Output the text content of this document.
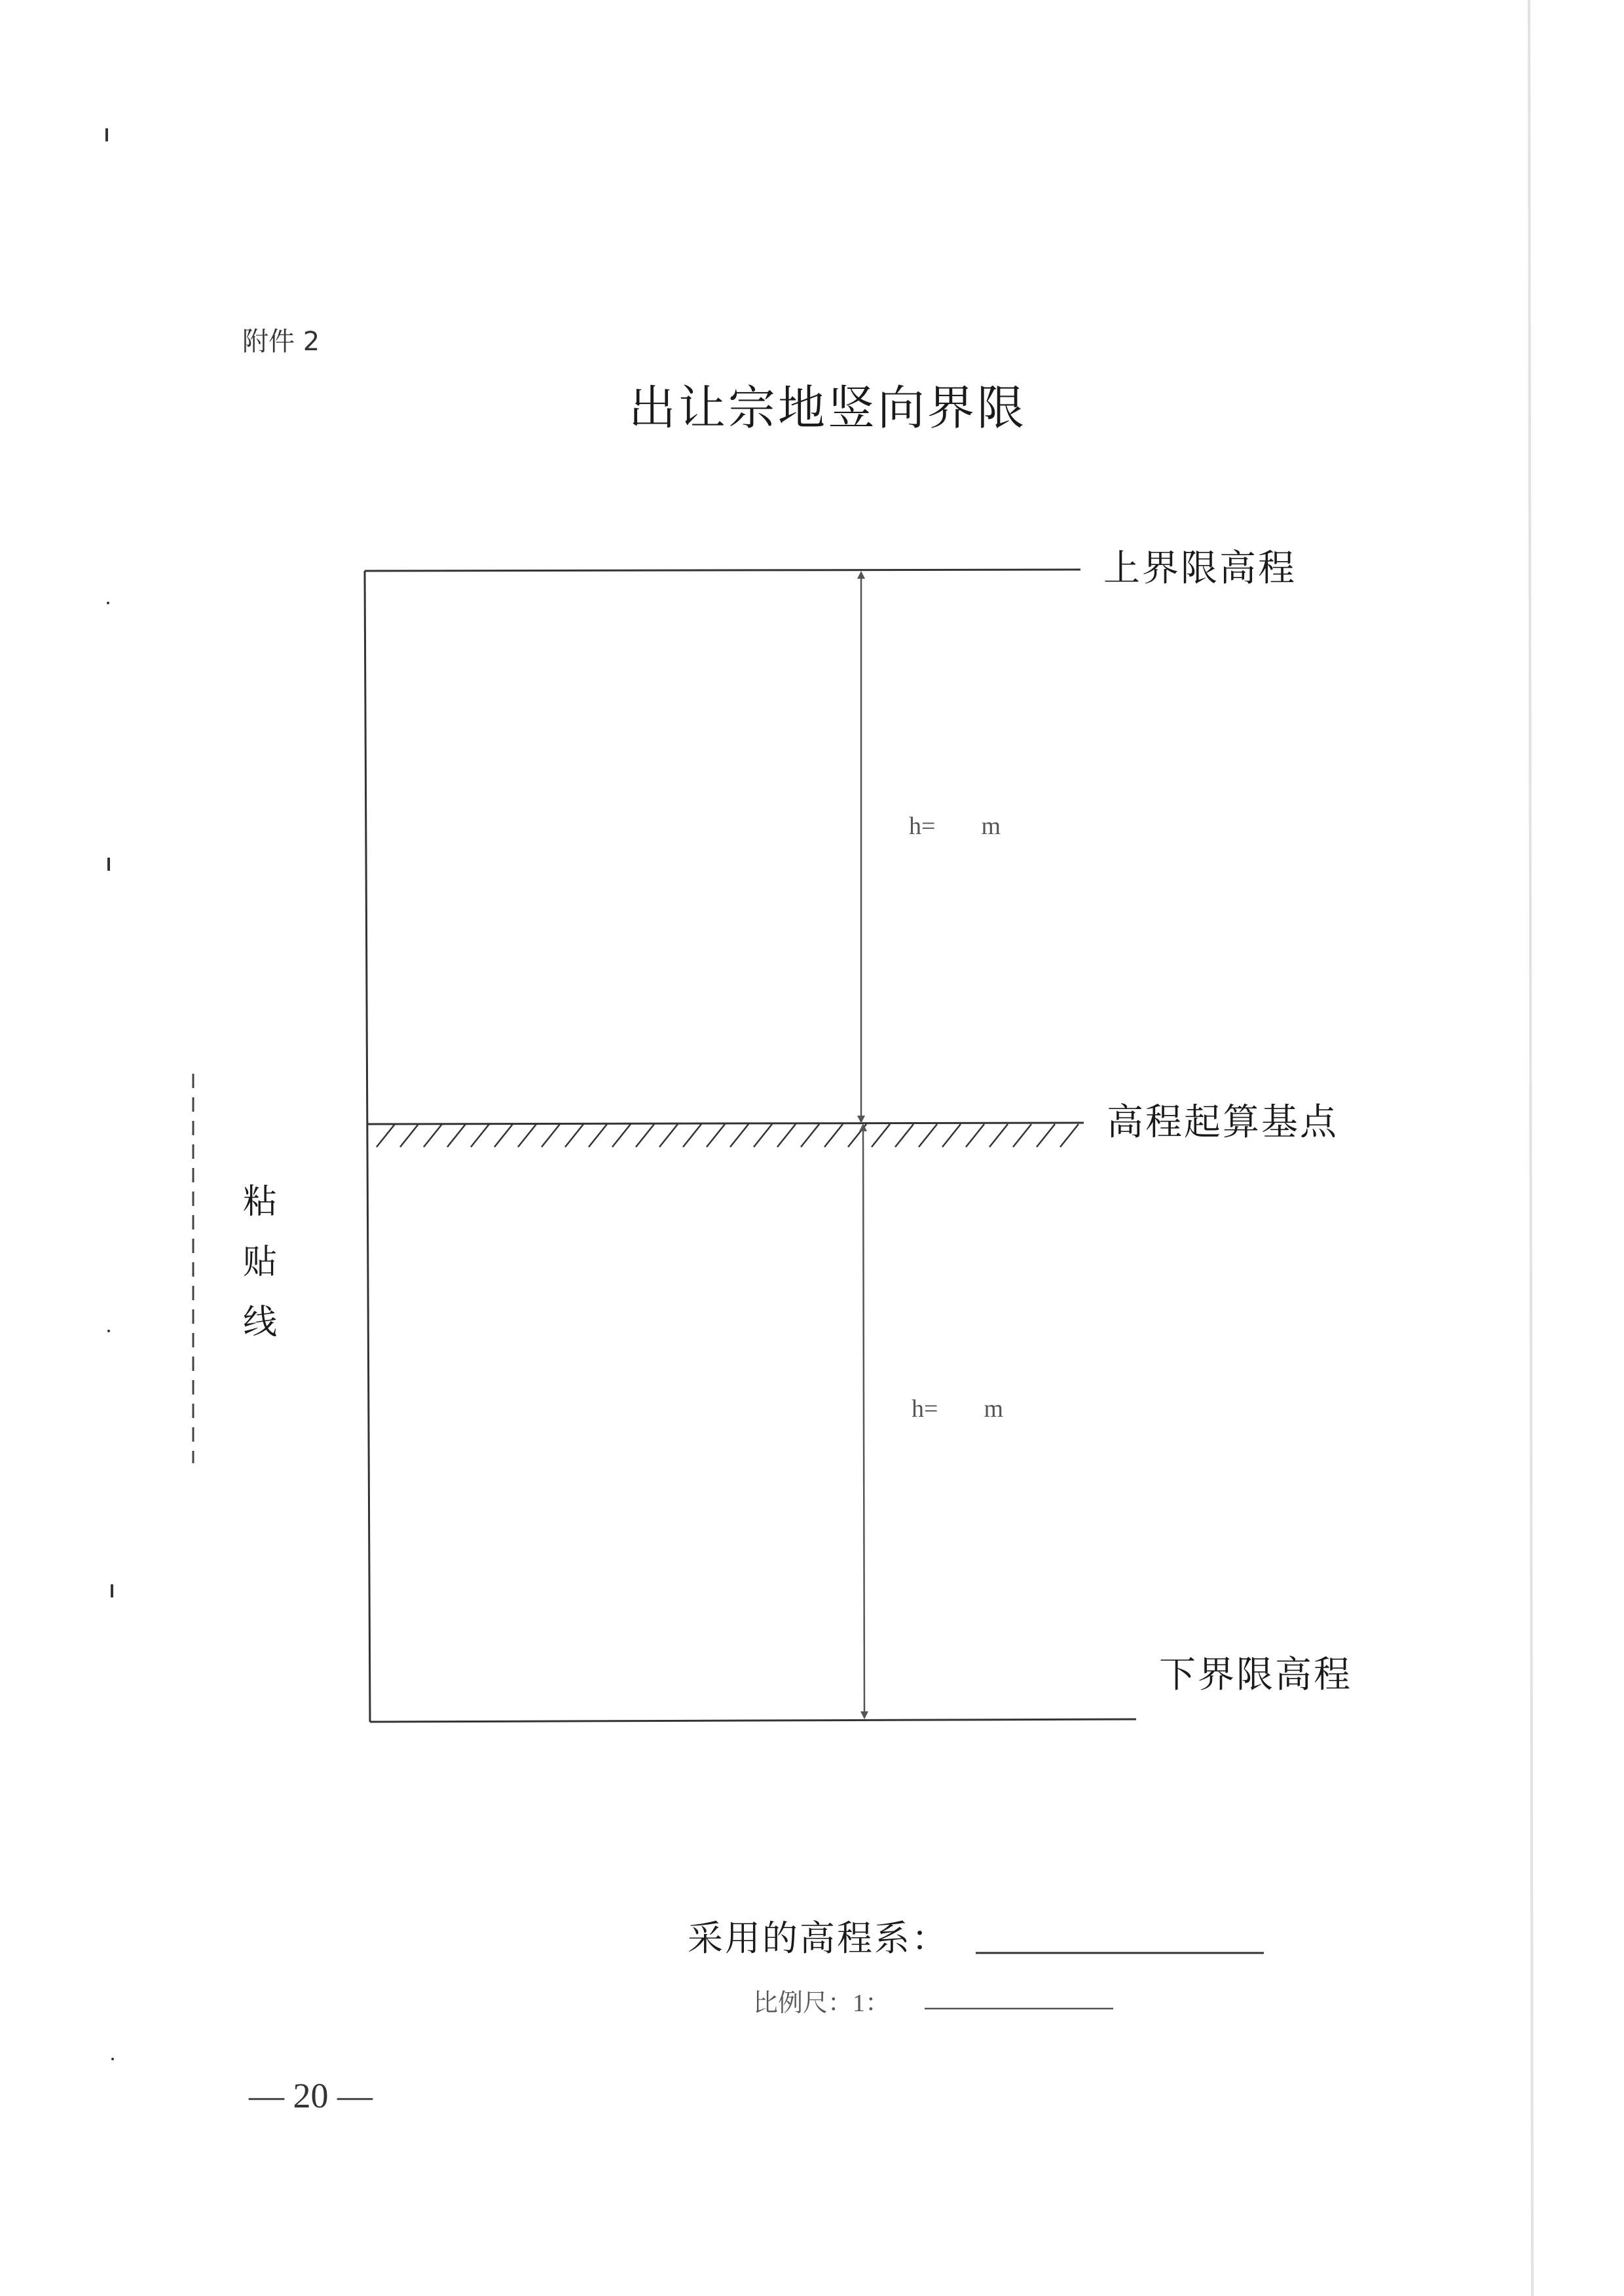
附件 2
出让宗地竖向界限
上界限高程
高程起算基点
下界限高程
h= m
h= m
粘
贴
线
采用的高程系：
比例尺：1：
— 20 —
